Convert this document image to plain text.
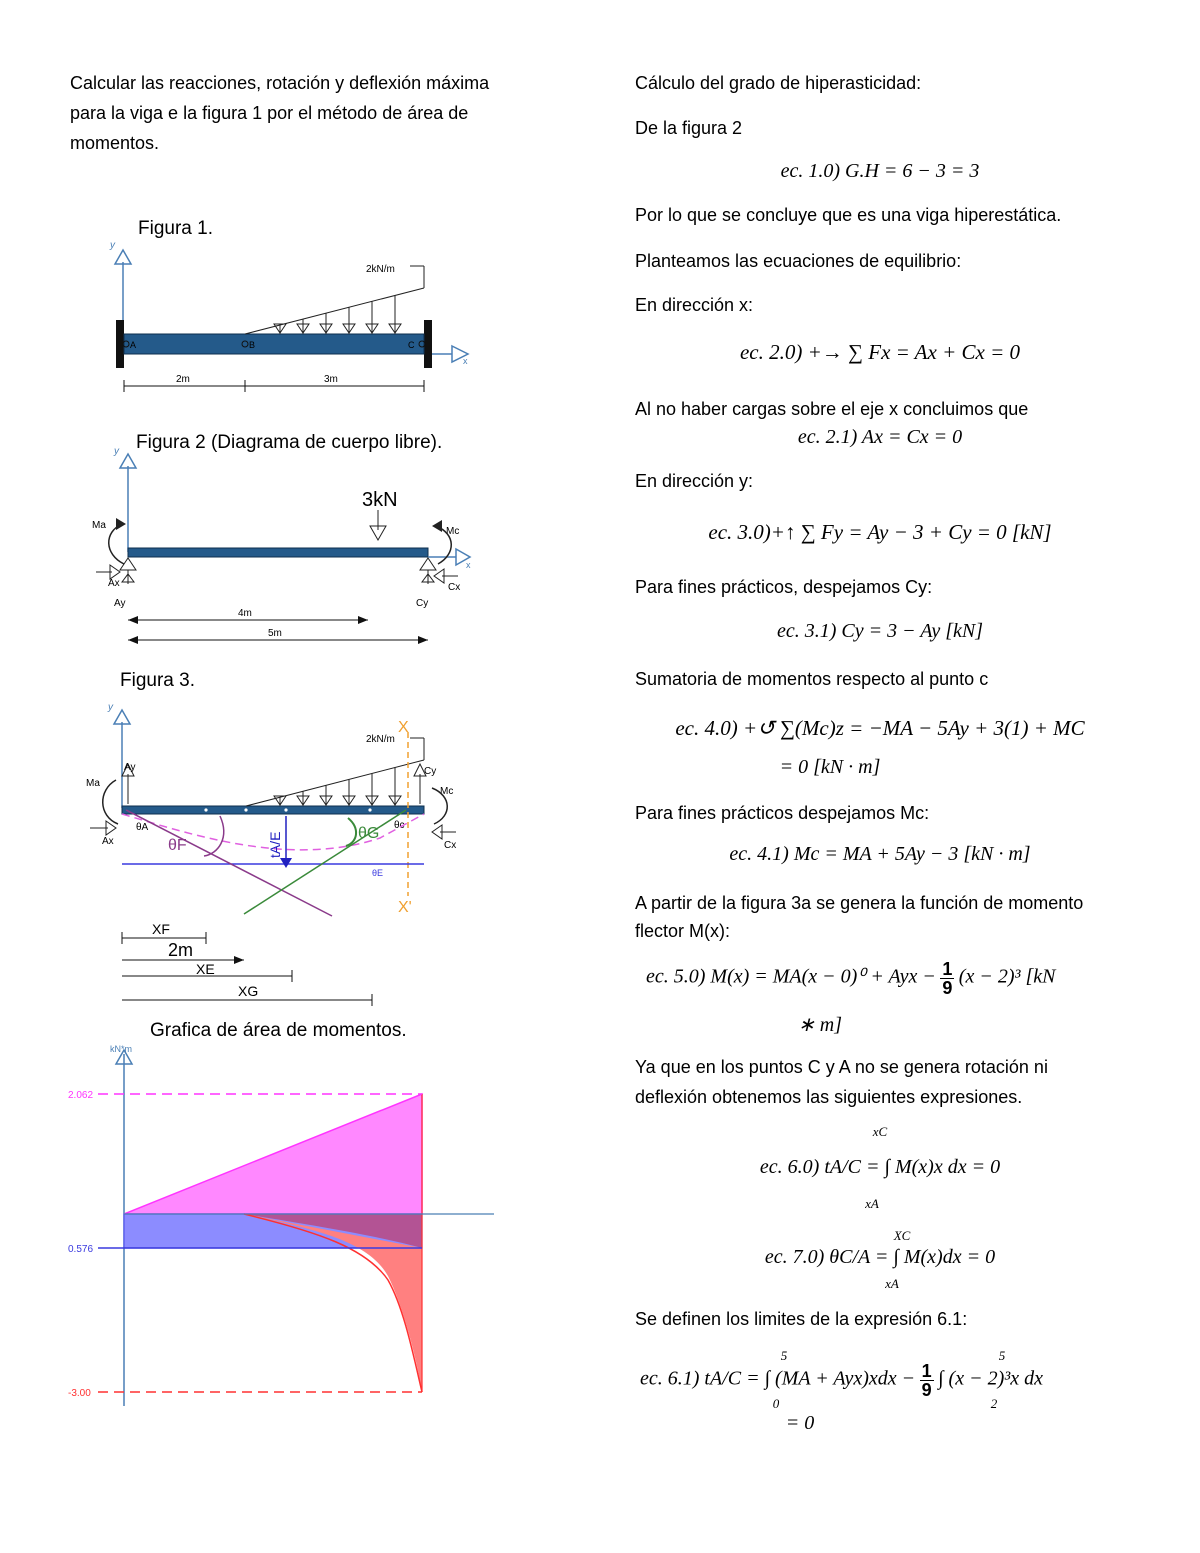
Calcular las reacciones, rotación y deflexión máxima
para la viga e la figura 1 por el método de área de
momentos.
Figura 1.
y
x
2kN/m
A	B	C
2m	3m
Figura 2 (Diagrama de cuerpo libre).
y
x
3kN
Ma
Mc
Ax
Ay
Cx
Cy
4m
5m
Figura 3.
y
2kN/m
X
X'
Ay	Cy
Ma
Mc
Ax	Cx
θA	θc
θE
θF
θG
tA/E
XF
2m
XE
XG
Grafica de área de momentos.
kN*m
2.062
0.576
-3.00
Cálculo del grado de hiperasticidad:
De la figura 2
ec. 1.0) G.H = 6 − 3 = 3
Por lo que se concluye que es una viga hiperestática.
Planteamos las ecuaciones de equilibrio:
En dirección x:
ec. 2.0) +→ ∑ Fx = Ax + Cx = 0
Al no haber cargas sobre el eje x concluimos que
ec. 2.1) Ax = Cx = 0
En dirección y:
ec. 3.0)+↑ ∑ Fy = Ay − 3 + Cy = 0 [kN]
Para fines prácticos, despejamos Cy:
ec. 3.1) Cy = 3 − Ay [kN]
Sumatoria de momentos respecto al punto c
ec. 4.0) +↺ ∑(Mc)z = −MA − 5Ay + 3(1) + MC
= 0 [kN · m]
Para fines prácticos despejamos Mc:
ec. 4.1) Mc = MA + 5Ay − 3 [kN · m]
A partir de la figura 3a se genera la función de momento
flector M(x):
ec. 5.0) M(x) = MA(x − 0)⁰ + Ayx − $\frac{1}{9} (x - 2)^3$ [kN
∗ m]
Ya que en los puntos C y A no se genera rotación ni
deflexión obtenemos las siguientes expresiones.
ec. 6.0) tA/C = ∫ M(x)x dx = 0
xC
xA
ec. 7.0) θC/A = ∫ M(x)dx = 0
XC
xA
Se definen los limites de la expresión 6.1:
ec. 6.1) tA/C = ∫ $(MA + Ayx)xdx - \frac{1}{9}$ ∫ (x − 2)³x dx
5
0
5
2
= 0
